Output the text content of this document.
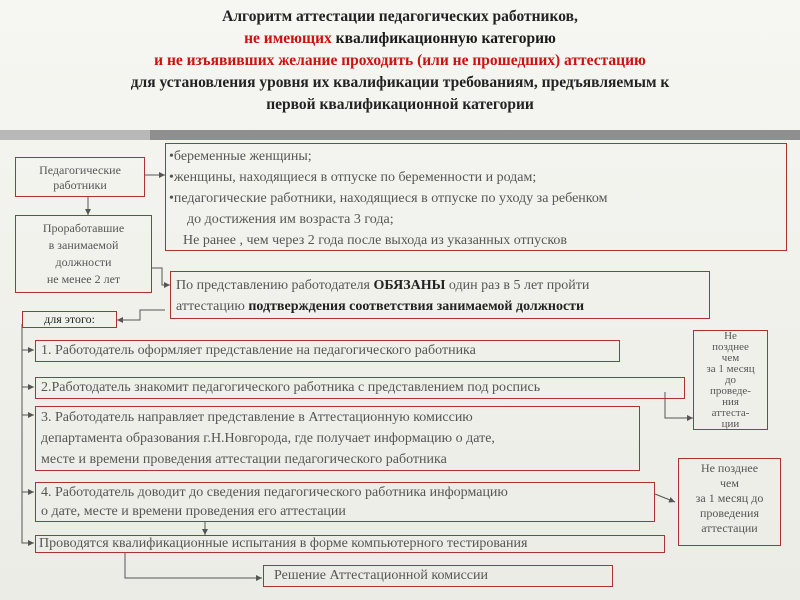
Алгоритм аттестации педагогических работников,
не имеющих квалификационную категорию
и не изъявивших желание проходить (или не прошедших) аттестацию
для установления уровня их квалификации требованиям, предъявляемым к
первой квалификационной категории
Педагогические
работники
Проработавшие
в занимаемой
должности
не менее 2 лет
для этого:
•беременные женщины;
•женщины, находящиеся в отпуске по беременности и родам;
•педагогические работники, находящиеся в отпуске по уходу за ребенком
до достижения им возраста 3 года;
Не ранее , чем через 2 года после выхода из указанных отпусков
По представлению работодателя ОБЯЗАНЫ один раз в 5 лет пройти
аттестацию подтверждения соответствия занимаемой должности
1. Работодатель оформляет представление на педагогического работника
2.Работодатель знакомит педагогического работника с представлением под роспись
3. Работодатель направляет представление в Аттестационную комиссию
департамента образования г.Н.Новгорода, где получает информацию о дате,
месте и времени проведения аттестации педагогического работника
4. Работодатель доводит до сведения педагогического работника информацию
о дате, месте и времени проведения его аттестации
Проводятся квалификационные испытания в форме компьютерного тестирования
Решение Аттестационной комиссии
Не
позднее
чем
за 1 месяц
до
проведе-
ния
аттеста-
ции
Не позднее
чем
за 1 месяц до
проведения
аттестации
